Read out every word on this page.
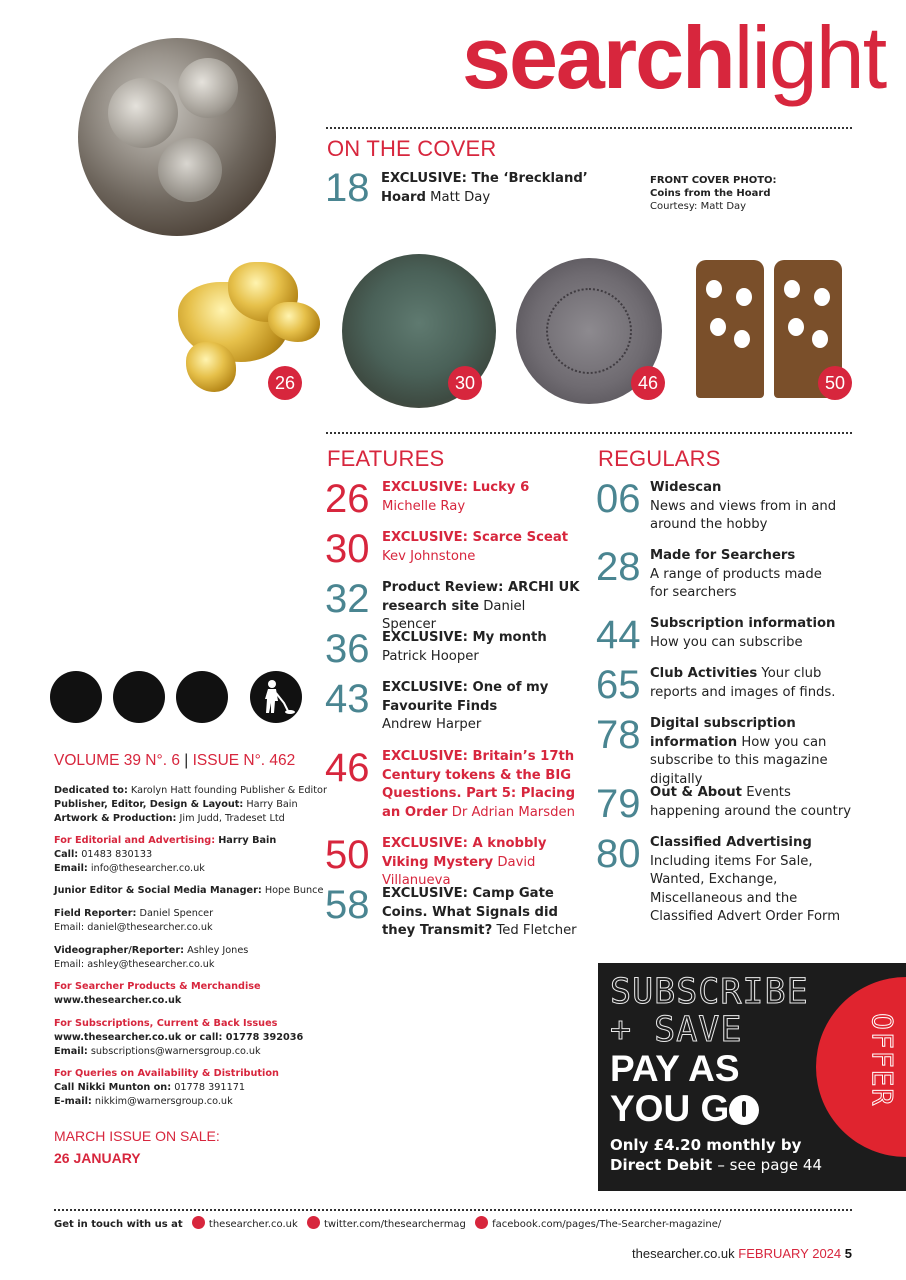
searchlight
ON THE COVER
18 EXCLUSIVE: The ‘Breckland’ Hoard Matt Day
FRONT COVER PHOTO:
Coins from the Hoard
Courtesy: Matt Day
26	30	46	50
FEATURES
26 EXCLUSIVE: Lucky 6
Michelle Ray
30 EXCLUSIVE: Scarce Sceat
Kev Johnstone
32 Product Review: ARCHI UK research site Daniel Spencer
36 EXCLUSIVE: My month
Patrick Hooper
43 EXCLUSIVE: One of my Favourite Finds
Andrew Harper
46 EXCLUSIVE: Britain’s 17th Century tokens & the BIG Questions. Part 5: Placing an Order Dr Adrian Marsden
50 EXCLUSIVE: A knobbly Viking Mystery David Villanueva
58 EXCLUSIVE: Camp Gate Coins. What Signals did they Transmit? Ted Fletcher
REGULARS
06 Widescan
News and views from in and around the hobby
28 Made for Searchers
A range of products made for searchers
44 Subscription information
How you can subscribe
65 Club Activities Your club reports and images of finds.
78 Digital subscription information How you can subscribe to this magazine digitally
79 Out & About Events happening around the country
80 Classified Advertising
Including items For Sale, Wanted, Exchange, Miscellaneous and the Classified Advert Order Form
VOLUME 39 N°. 6 | ISSUE N°. 462
Dedicated to: Karolyn Hatt founding Publisher & Editor
Publisher, Editor, Design & Layout: Harry Bain
Artwork & Production: Jim Judd, Tradeset Ltd
For Editorial and Advertising: Harry Bain
Call: 01483 830133
Email: info@thesearcher.co.uk
Junior Editor & Social Media Manager: Hope Bunce
Field Reporter: Daniel Spencer
Email: daniel@thesearcher.co.uk
Videographer/Reporter: Ashley Jones
Email: ashley@thesearcher.co.uk
For Searcher Products & Merchandise
www.thesearcher.co.uk
For Subscriptions, Current & Back Issues
www.thesearcher.co.uk or call: 01778 392036
Email: subscriptions@warnersgroup.co.uk
For Queries on Availability & Distribution
Call Nikki Munton on: 01778 391171
E-mail: nikkim@warnersgroup.co.uk
MARCH ISSUE ON SALE:
26 JANUARY
OFFER
SUBSCRIBE
+ SAVE
PAY AS
YOU G
Only £4.20 monthly by
Direct Debit – see page 44
Get in touch with us at	thesearcher.co.uk	twitter.com/thesearchermag	facebook.com/pages/The-Searcher-magazine/
thesearcher.co.uk FEBRUARY 2024 5
